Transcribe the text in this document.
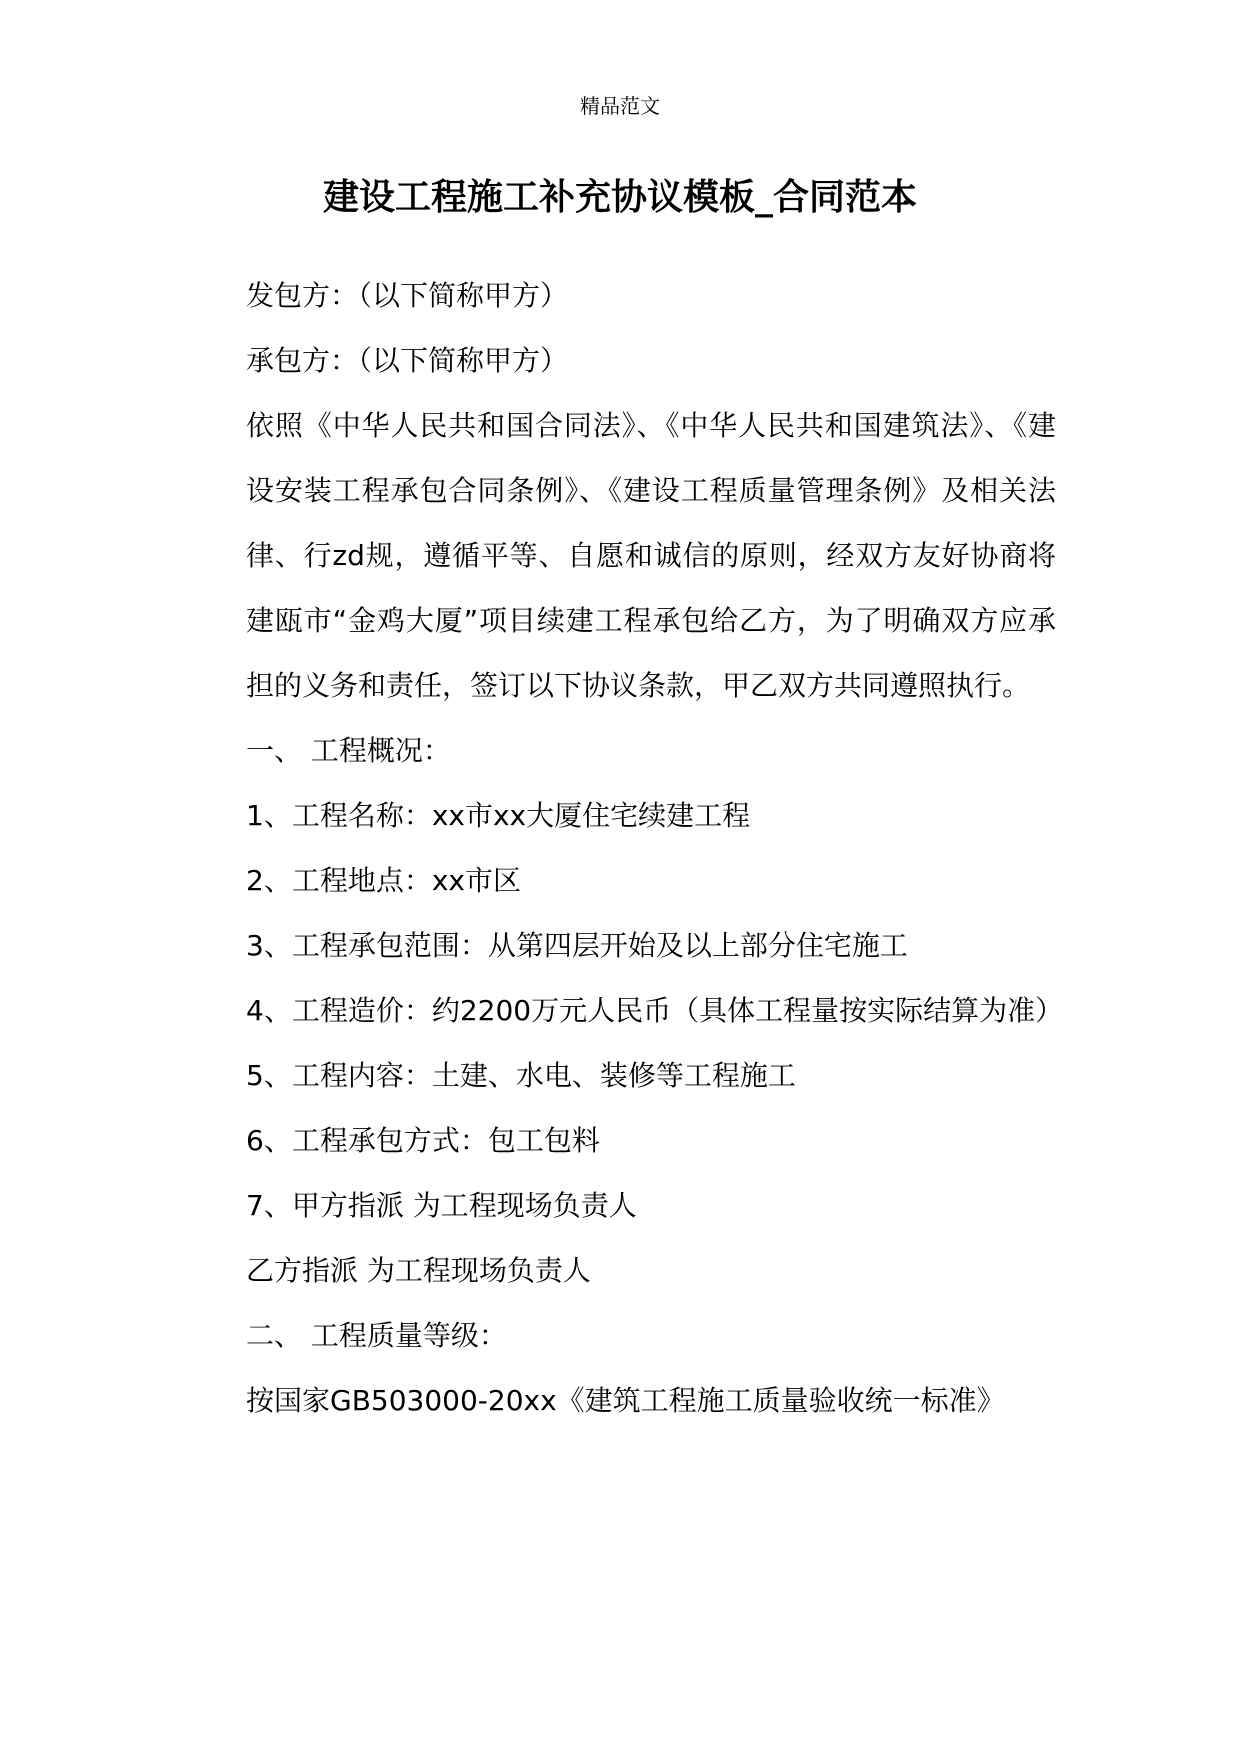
精品范文
建设工程施工补充协议模板_合同范本

发包方：（以下简称甲方）

承包方：（以下简称甲方）

依照《中华人民共和国合同法》、《中华人民共和国建筑法》、《建设安装工程承包合同条例》、《建设工程质量管理条例》及相关法律、行zd规，遵循平等、自愿和诚信的原则，经双方友好协商将建瓯市“金鸡大厦”项目续建工程承包给乙方，为了明确双方应承担的义务和责任，签订以下协议条款，甲乙双方共同遵照执行。

一、 工程概况：

1、工程名称：xx市xx大厦住宅续建工程

2、工程地点：xx市区

3、工程承包范围：从第四层开始及以上部分住宅施工

4、工程造价：约2200万元人民币（具体工程量按实际结算为准）

5、工程内容：土建、水电、装修等工程施工

6、工程承包方式：包工包料

7、甲方指派 为工程现场负责人

乙方指派 为工程现场负责人

二、 工程质量等级：

按国家GB503000-20xx《建筑工程施工质量验收统一标准》
